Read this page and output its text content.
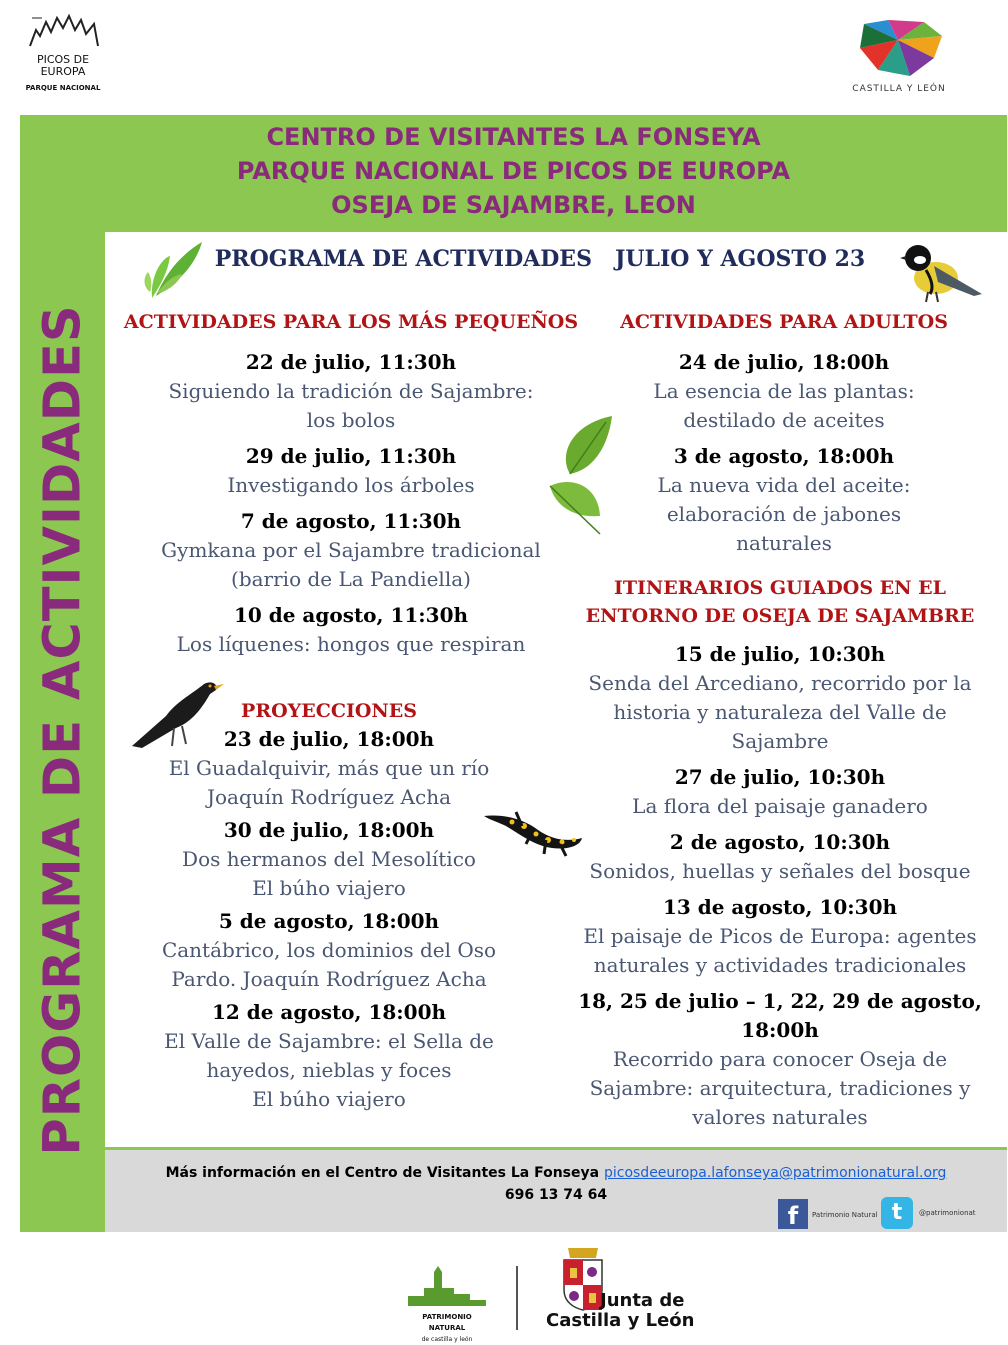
PICOS DE
EUROPA
PARQUE NACIONAL	CASTILLA Y LEÓN
CENTRO DE VISITANTES LA FONSEYA
PARQUE NACIONAL DE PICOS DE EUROPA
OSEJA DE SAJAMBRE, LEON
PROGRAMA DE ACTIVIDADES
PROGRAMA DE ACTIVIDADES   JULIO Y AGOSTO 23
ACTIVIDADES PARA LOS MÁS PEQUEÑOS
22 de julio, 11:30h
Siguiendo la tradición de Sajambre:
los bolos
29 de julio, 11:30h
Investigando los árboles
7 de agosto, 11:30h
Gymkana por el Sajambre tradicional
(barrio de La Pandiella)
10 de agosto, 11:30h
Los líquenes: hongos que respiran
PROYECCIONES
23 de julio, 18:00h
El Guadalquivir, más que un río
Joaquín Rodríguez Acha
30 de julio, 18:00h
Dos hermanos del Mesolítico
El búho viajero
5 de agosto, 18:00h
Cantábrico, los dominios del Oso
Pardo. Joaquín Rodríguez Acha
12 de agosto, 18:00h
El Valle de Sajambre: el Sella de
hayedos, nieblas y foces
El búho viajero
ACTIVIDADES PARA ADULTOS
24 de julio, 18:00h
La esencia de las plantas:
destilado de aceites
3 de agosto, 18:00h
La nueva vida del aceite:
elaboración de jabones
naturales
ITINERARIOS GUIADOS EN EL
ENTORNO DE OSEJA DE SAJAMBRE
15 de julio, 10:30h
Senda del Arcediano, recorrido por la
historia y naturaleza del Valle de
Sajambre
27 de julio, 10:30h
La flora del paisaje ganadero
2 de agosto, 10:30h
Sonidos, huellas y señales del bosque
13 de agosto, 10:30h
El paisaje de Picos de Europa: agentes
naturales y actividades tradicionales
18, 25 de julio – 1, 22, 29 de agosto,
18:00h
Recorrido para conocer Oseja de
Sajambre: arquitectura, tradiciones y
valores naturales
Más información en el Centro de Visitantes La Fonseya picosdeeuropa.lafonseya@patrimonionatural.org
696 13 74 64
f	Patrimonio Natural t	@patrimonionat
PATRIMONIO NATURAL
de castilla y león
Junta de
Castilla y León
